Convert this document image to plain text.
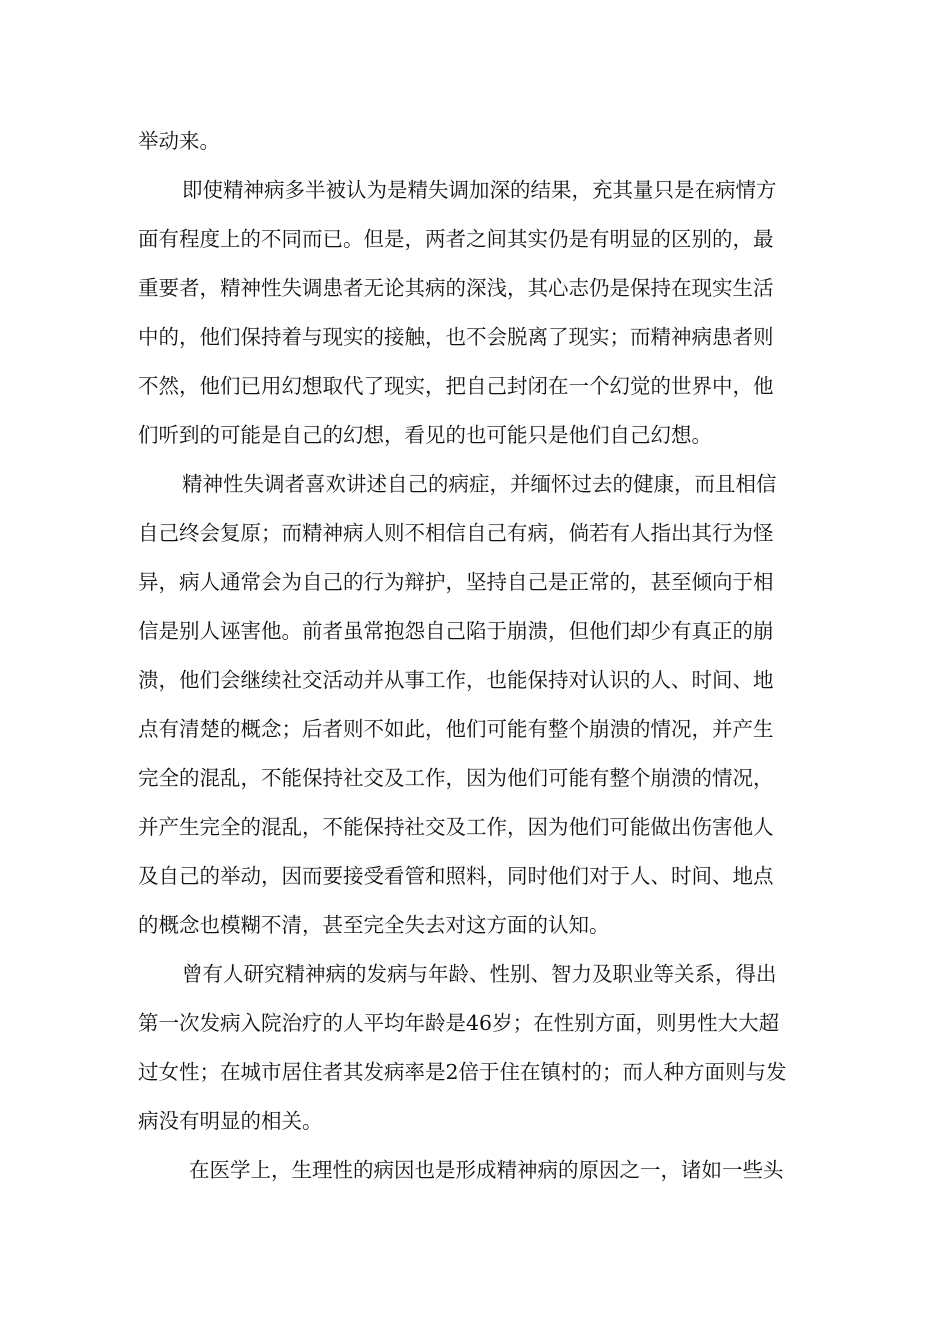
举动来。
即使精神病多半被认为是精失调加深的结果，充其量只是在病情方
面有程度上的不同而已。但是，两者之间其实仍是有明显的区别的，最
重要者，精神性失调患者无论其病的深浅，其心志仍是保持在现实生活
中的，他们保持着与现实的接触，也不会脱离了现实；而精神病患者则
不然，他们已用幻想取代了现实，把自己封闭在一个幻觉的世界中，他
们听到的可能是自己的幻想，看见的也可能只是他们自己幻想。
精神性失调者喜欢讲述自己的病症，并缅怀过去的健康，而且相信
自己终会复原；而精神病人则不相信自己有病，倘若有人指出其行为怪
异，病人通常会为自己的行为辩护，坚持自己是正常的，甚至倾向于相
信是别人诬害他。前者虽常抱怨自己陷于崩溃，但他们却少有真正的崩
溃，他们会继续社交活动并从事工作，也能保持对认识的人、时间、地
点有清楚的概念；后者则不如此，他们可能有整个崩溃的情况，并产生
完全的混乱，不能保持社交及工作，因为他们可能有整个崩溃的情况，
并产生完全的混乱，不能保持社交及工作，因为他们可能做出伤害他人
及自己的举动，因而要接受看管和照料，同时他们对于人、时间、地点
的概念也模糊不清，甚至完全失去对这方面的认知。
曾有人研究精神病的发病与年龄、性别、智力及职业等关系，得出
第一次发病入院治疗的人平均年龄是46岁；在性别方面，则男性大大超
过女性；在城市居住者其发病率是2倍于住在镇村的；而人种方面则与发
病没有明显的相关。
在医学上，生理性的病因也是形成精神病的原因之一，诸如一些头
